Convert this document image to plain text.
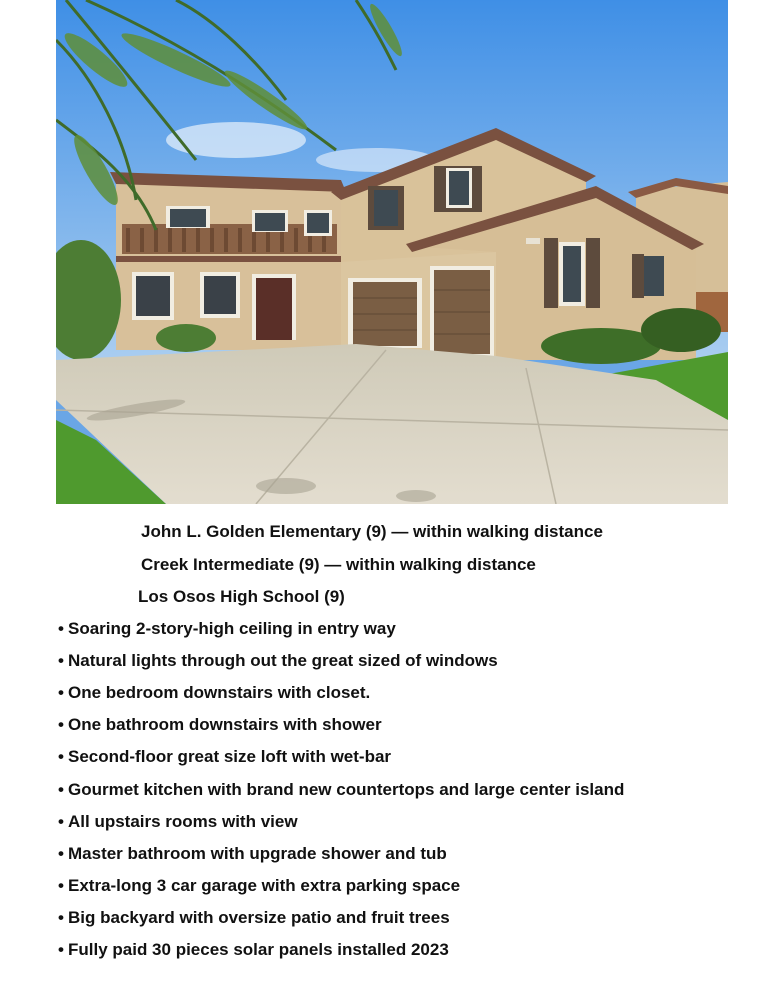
John L. Golden Elementary (9) — within walking distance
Creek Intermediate (9) — within walking distance
Los Osos High School (9)
• Soaring 2-story-high ceiling in entry way
• Natural lights through out the great sized of windows
• One bedroom downstairs with closet.
• One bathroom downstairs with shower
• Second-floor great size loft with wet-bar
• Gourmet kitchen with brand new countertops and large center island
• All upstairs rooms with view
• Master bathroom with upgrade shower and tub
• Extra-long 3 car garage with extra parking space
• Big backyard with oversize patio and fruit trees
• Fully paid 30 pieces solar panels installed 2023
